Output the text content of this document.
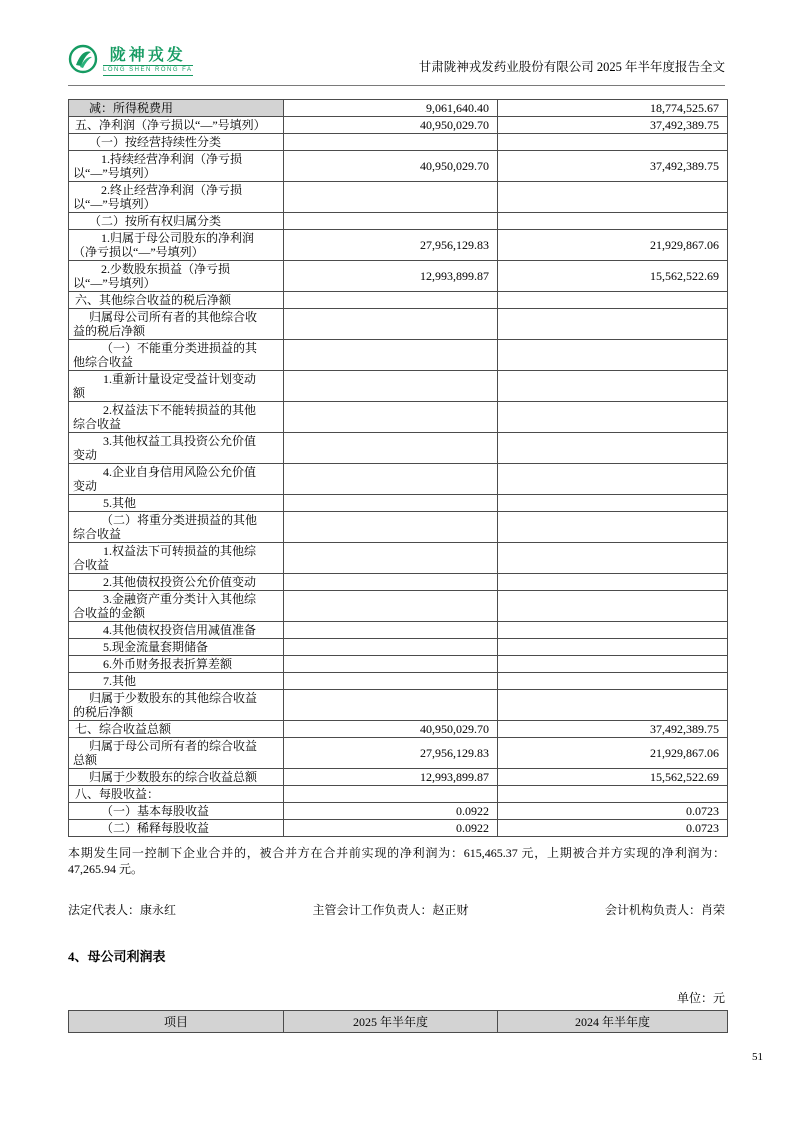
陇神戎发
LONG SHEN RONG FA	甘肃陇神戎发药业股份有限公司 2025 年半年度报告全文
减：所得税费用	9,061,640.40	18,774,525.67
五、净利润（净亏损以“—”号填列）	40,950,029.70	37,492,389.75
（一）按经营持续性分类		
1.持续经营净利润（净亏损以“—”号填列）	40,950,029.70	37,492,389.75
2.终止经营净利润（净亏损以“—”号填列）		
（二）按所有权归属分类		
1.归属于母公司股东的净利润（净亏损以“—”号填列）	27,956,129.83	21,929,867.06
2.少数股东损益（净亏损以“—”号填列）	12,993,899.87	15,562,522.69
六、其他综合收益的税后净额		
归属母公司所有者的其他综合收益的税后净额		
（一）不能重分类进损益的其他综合收益		
1.重新计量设定受益计划变动额		
2.权益法下不能转损益的其他综合收益		
3.其他权益工具投资公允价值变动		
4.企业自身信用风险公允价值变动		
5.其他		
（二）将重分类进损益的其他综合收益		
1.权益法下可转损益的其他综合收益		
2.其他债权投资公允价值变动		
3.金融资产重分类计入其他综合收益的金额		
4.其他债权投资信用减值准备		
5.现金流量套期储备		
6.外币财务报表折算差额		
7.其他		
归属于少数股东的其他综合收益的税后净额		
七、综合收益总额	40,950,029.70	37,492,389.75
归属于母公司所有者的综合收益总额	27,956,129.83	21,929,867.06
归属于少数股东的综合收益总额	12,993,899.87	15,562,522.69
八、每股收益：		
（一）基本每股收益	0.0922	0.0723
（二）稀释每股收益	0.0922	0.0723
本期发生同一控制下企业合并的，被合并方在合并前实现的净利润为：615,465.37 元，上期被合并方实现的净利润为：47,265.94 元。
法定代表人：康永红	主管会计工作负责人：赵正财	会计机构负责人：肖荣
4、母公司利润表
单位：元
项目	2025 年半年度	2024 年半年度
51
